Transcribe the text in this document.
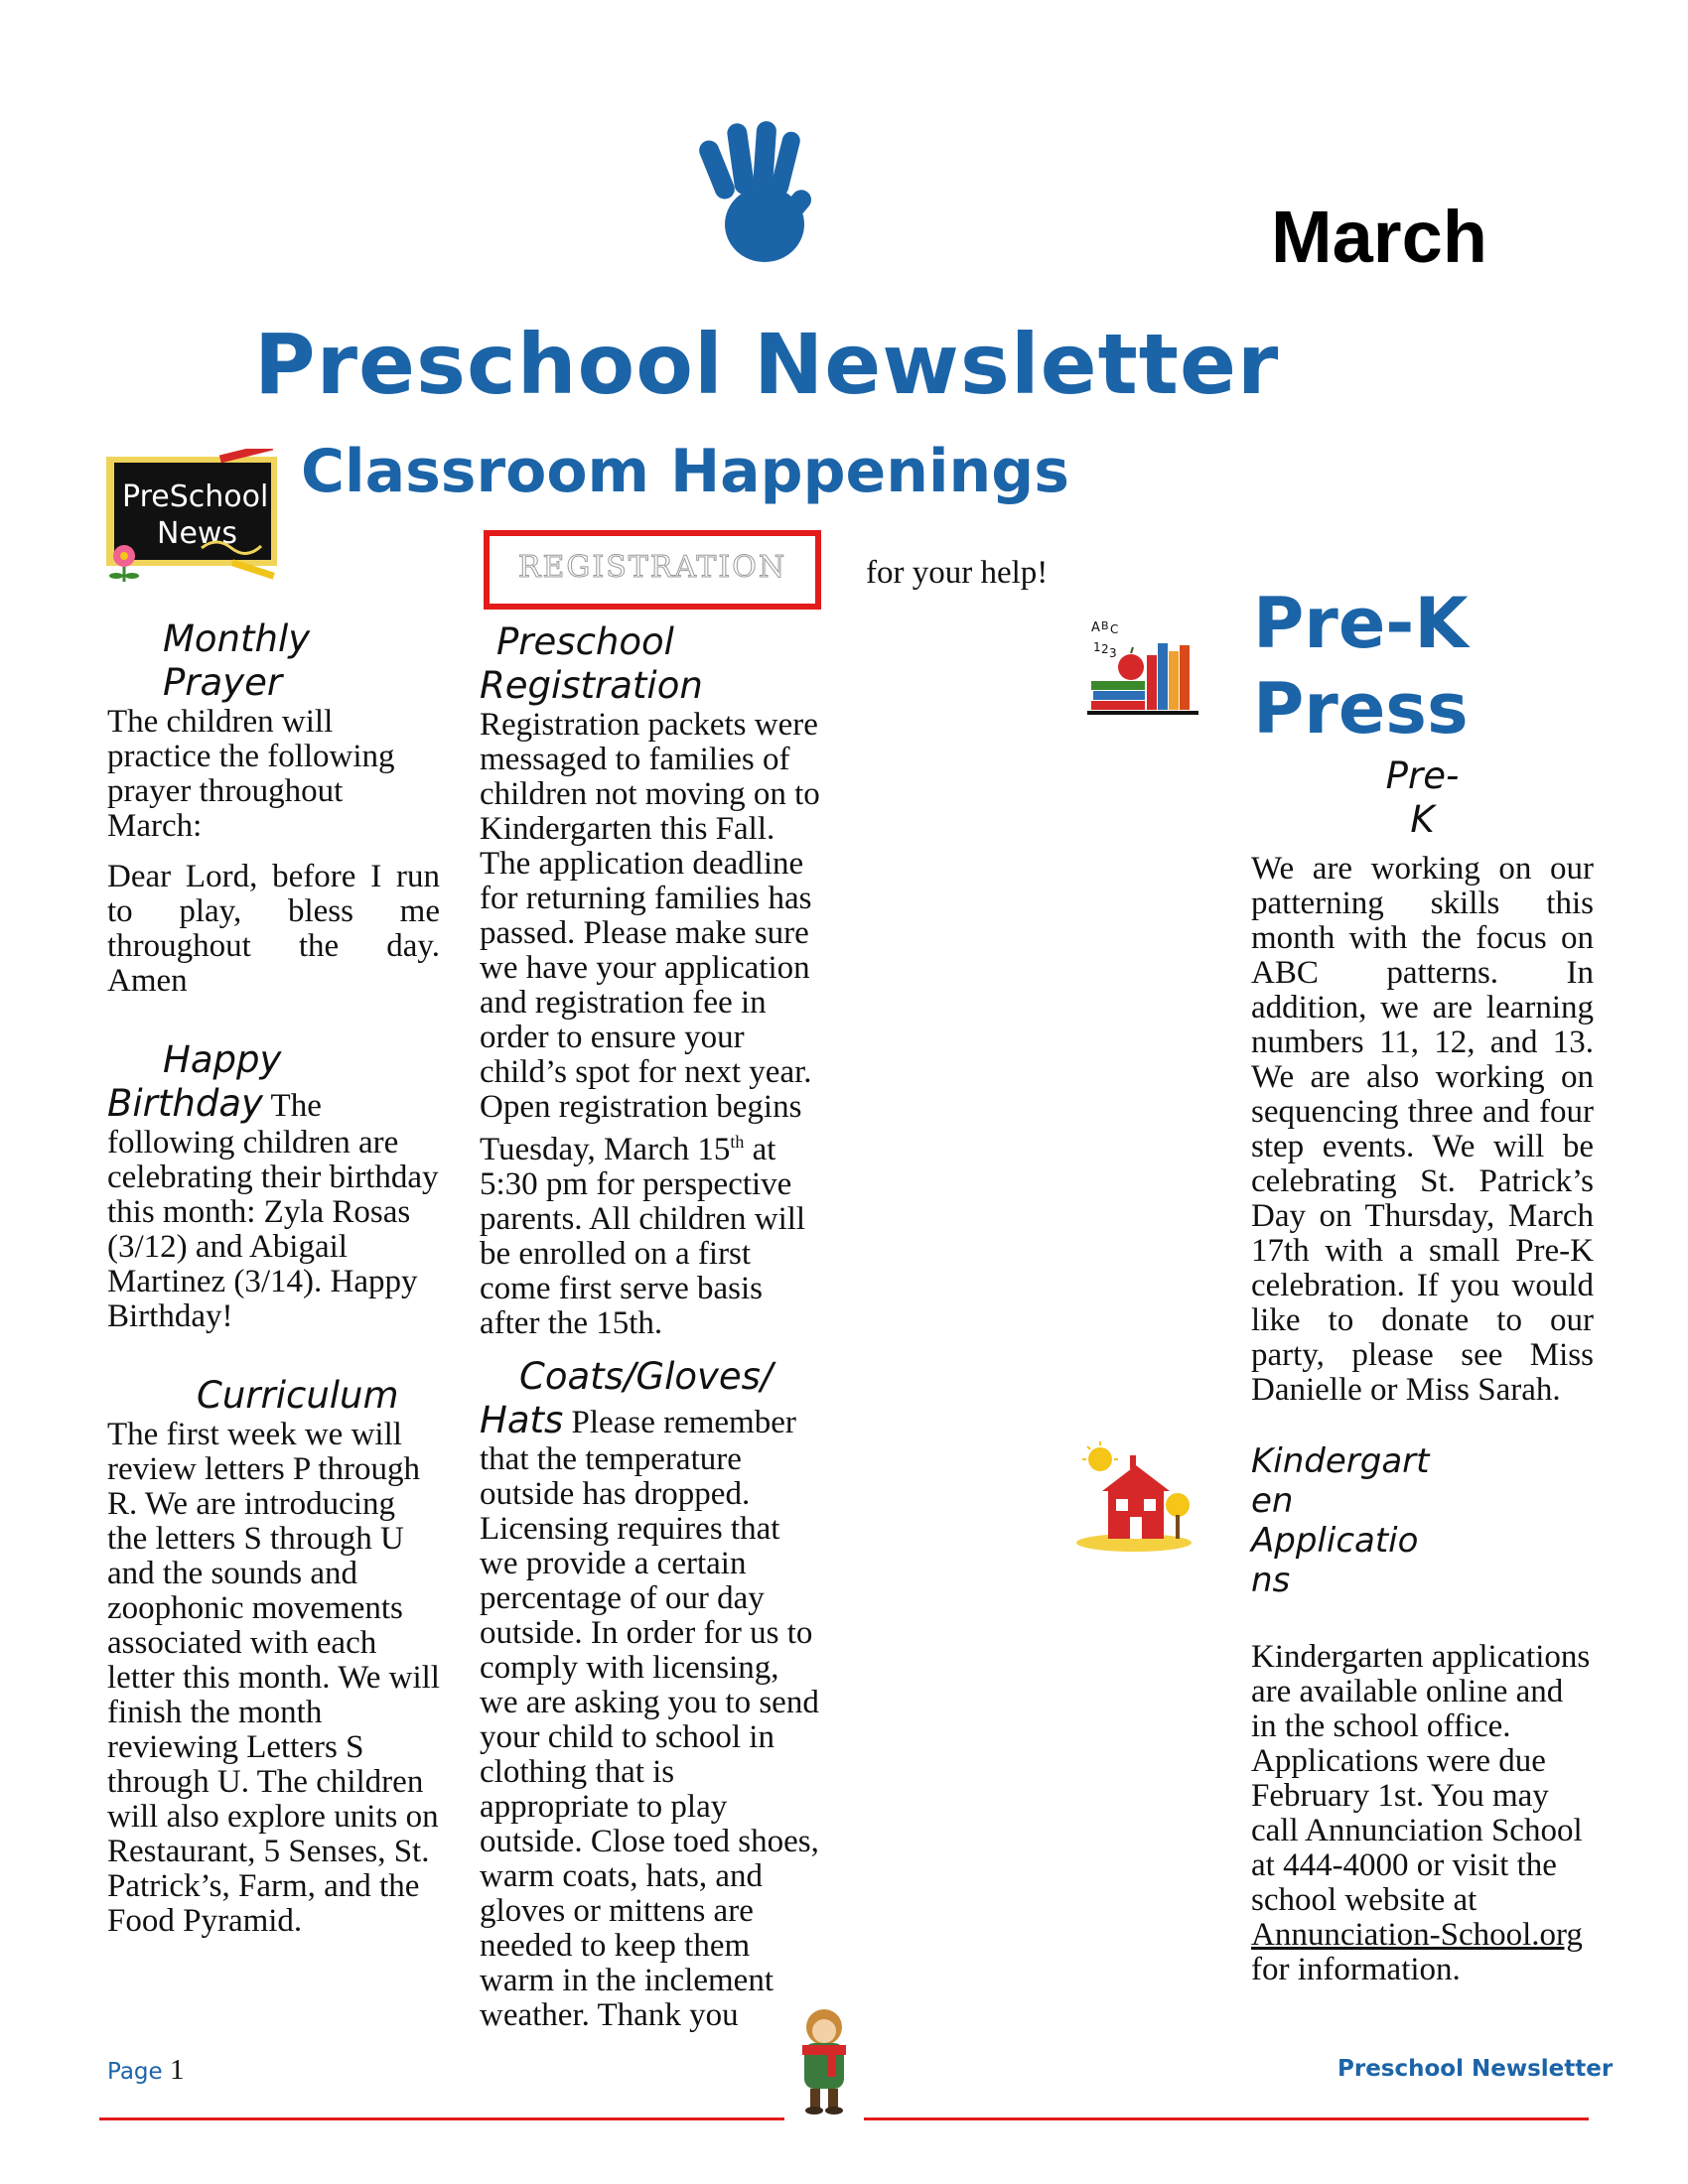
March
Preschool Newsletter
Classroom Happenings
PreSchool
News
REGISTRATION	for your help!
A B C
1 2 3 Pre-K
Press
Monthly Prayer

The children will practice the following prayer throughout March:

Dear Lord, before I run to play, bless me throughout the day. Amen

Happy
Birthday The following children are celebrating their birthday this month: Zyla Rosas (3/12) and Abigail Martinez (3/14). Happy Birthday!

Curriculum

The first week we will review letters P through R. We are introducing the letters S through U and the sounds and zoophonic movements associated with each letter this month. We will finish the month reviewing Letters S through U. The children will also explore units on Restaurant, 5 Senses, St. Patrick’s, Farm, and the Food Pyramid.

Preschool
Registration

Registration packets were messaged to families of children not moving on to Kindergarten this Fall. The application deadline for returning families has passed. Please make sure we have your application and registration fee in order to ensure your child’s spot for next year. Open registration begins Tuesday, March 15th at 5:30 pm for perspective parents. All children will be enrolled on a first come first serve basis after the 15th.

Coats/Gloves/
Hats Please remember that the temperature outside has dropped. Licensing requires that we provide a certain percentage of our day outside. In order for us to comply with licensing, we are asking you to send your child to school in clothing that is appropriate to play outside. Close toed shoes, warm coats, hats, and gloves or mittens are needed to keep them warm in the inclement weather. Thank you

Pre-
K

We are working on our patterning skills this month with the focus on ABC patterns. In addition, we are learning numbers 11, 12, and 13. We are also working on sequencing three and four step events. We will be celebrating St. Patrick’s Day on Thursday, March 17th with a small Pre-K celebration. If you would like to donate to our party, please see Miss Danielle or Miss Sarah.

Kindergart
en
Applicatio
ns

Kindergarten applications are available online and in the school office. Applications were due February 1st. You may call Annunciation School at 444-4000 or visit the school website at

Annunciation-School.org

for information.

Page 1	Preschool Newsletter
